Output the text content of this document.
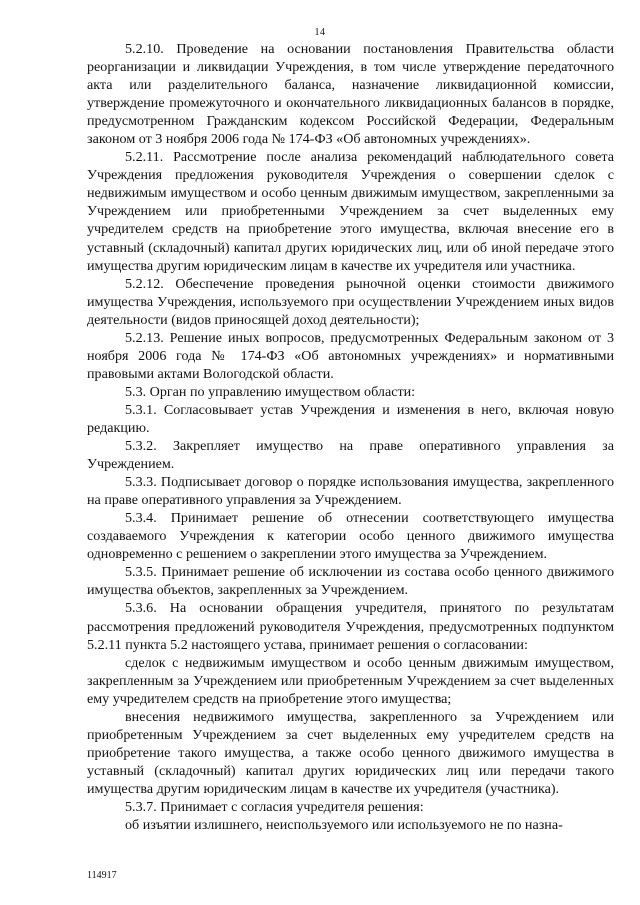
14

5.2.10. Проведение на основании постановления Правительства области реорганизации и ликвидации Учреждения, в том числе утверждение передаточного акта или разделительного баланса, назначение ликвидационной комиссии, утверждение промежуточного и окончательного ликвидационных балансов в порядке, предусмотренном Гражданским кодексом Российской Федерации, Федеральным законом от 3 ноября 2006 года № 174-ФЗ «Об автономных учреждениях».

5.2.11. Рассмотрение после анализа рекомендаций наблюдательного совета Учреждения предложения руководителя Учреждения о совершении сделок с недвижимым имуществом и особо ценным движимым имуществом, закрепленными за Учреждением или приобретенными Учреждением за счет выделенных ему учредителем средств на приобретение этого имущества, включая внесение его в уставный (складочный) капитал других юридических лиц, или об иной передаче этого имущества другим юридическим лицам в качестве их учредителя или участника.

5.2.12. Обеспечение проведения рыночной оценки стоимости движимого имущества Учреждения, используемого при осуществлении Учреждением иных видов деятельности (видов приносящей доход деятельности);

5.2.13. Решение иных вопросов, предусмотренных Федеральным законом от 3 ноября 2006 года № 174-ФЗ «Об автономных учреждениях» и нормативными правовыми актами Вологодской области.

5.3. Орган по управлению имуществом области:

5.3.1. Согласовывает устав Учреждения и изменения в него, включая новую редакцию.

5.3.2. Закрепляет имущество на праве оперативного управления за Учреждением.

5.3.3. Подписывает договор о порядке использования имущества, закрепленного на праве оперативного управления за Учреждением.

5.3.4. Принимает решение об отнесении соответствующего имущества создаваемого Учреждения к категории особо ценного движимого имущества одновременно с решением о закреплении этого имущества за Учреждением.

5.3.5. Принимает решение об исключении из состава особо ценного движимого имущества объектов, закрепленных за Учреждением.

5.3.6. На основании обращения учредителя, принятого по результатам рассмотрения предложений руководителя Учреждения, предусмотренных подпунктом 5.2.11 пункта 5.2 настоящего устава, принимает решения о согласовании:

сделок с недвижимым имуществом и особо ценным движимым имуществом, закрепленным за Учреждением или приобретенным Учреждением за счет выделенных ему учредителем средств на приобретение этого имущества;

внесения недвижимого имущества, закрепленного за Учреждением или приобретенным Учреждением за счет выделенных ему учредителем средств на приобретение такого имущества, а также особо ценного движимого имущества в уставный (складочный) капитал других юридических лиц или передачи такого имущества другим юридическим лицам в качестве их учредителя (участника).

5.3.7. Принимает с согласия учредителя решения:

об изъятии излишнего, неиспользуемого или используемого не по назна-

114917
